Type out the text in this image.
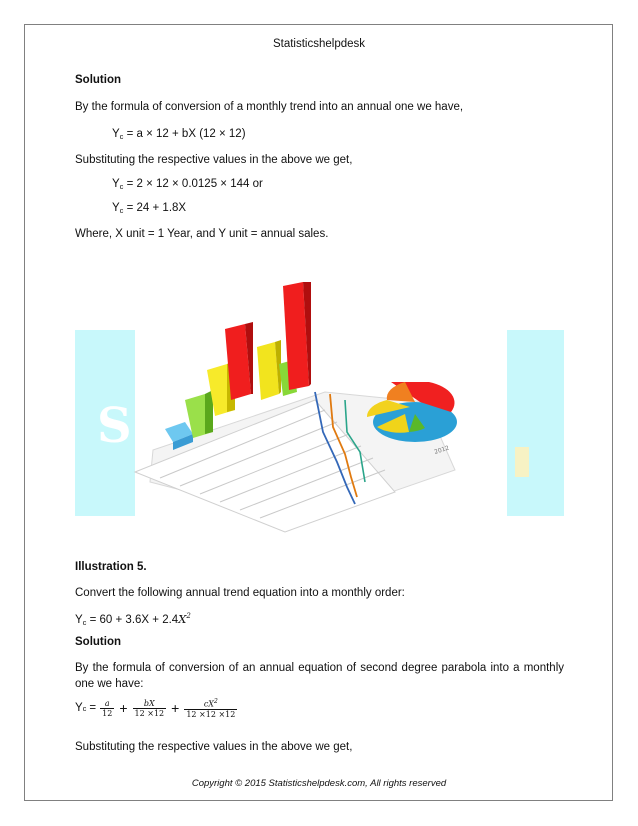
Statisticshelpdesk
Solution
By the formula of conversion of a monthly trend into an annual one we have,
$Y_c = a \times 12$ + bX (12 × 12)
Substituting the respective values in the above we get,
$Y_c = 2 \times 12 \times 0.0125 \times 144$ or
$Y_c = 24 + 1.8X$
Where, X unit = 1 Year, and Y unit = annual sales.
S	2012
Illustration 5.
Convert the following annual trend equation into a monthly order:
$Y_c = 60 + 3.6X + 2.4X^2$
Solution
By the formula of conversion of an annual equation of second degree parabola into a monthly one we have:
Y $c = \frac{a}{12} + \frac{bX}{12 \times 12} + \frac{cX^2}{12 \times 12 \times 12}$
Substituting the respective values in the above we get,
Copyright © 2015 Statisticshelpdesk.com, All rights reserved
